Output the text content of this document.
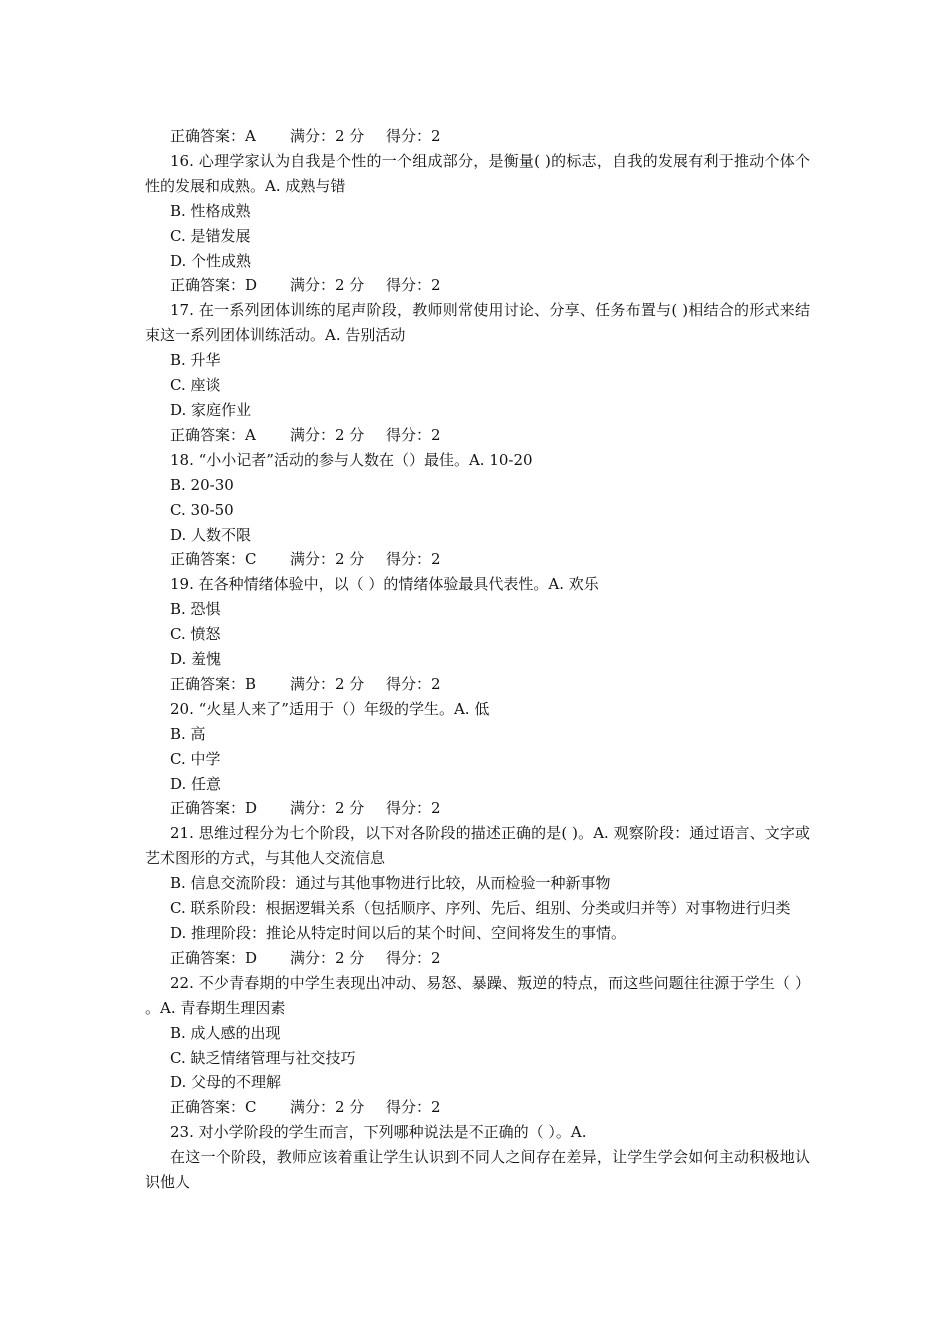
正确答案：A 满分：2 分 得分：2

16. 心理学家认为自我是个性的一个组成部分，是衡量( )的标志，自我的发展有利于推动个体个性的发展和成熟。A. 成熟与错

B. 性格成熟
C. 是错发展
D. 个性成熟
正确答案：D 满分：2 分 得分：2

17. 在一系列团体训练的尾声阶段，教师则常使用讨论、分享、任务布置与( )相结合的形式来结束这一系列团体训练活动。A. 告别活动

B. 升华
C. 座谈
D. 家庭作业
正确答案：A 满分：2 分 得分：2
18. “小小记者”活动的参与人数在（）最佳。A. 10-20
B. 20-30
C. 30-50
D. 人数不限
正确答案：C 满分：2 分 得分：2
19. 在各种情绪体验中，以（ ）的情绪体验最具代表性。A. 欢乐
B. 恐惧
C. 愤怒
D. 羞愧
正确答案：B 满分：2 分 得分：2
20. “火星人来了”适用于（）年级的学生。A. 低
B. 高
C. 中学
D. 任意
正确答案：D 满分：2 分 得分：2

21. 思维过程分为七个阶段，以下对各阶段的描述正确的是( )。A. 观察阶段：通过语言、文字或艺术图形的方式，与其他人交流信息

B. 信息交流阶段：通过与其他事物进行比较，从而检验一种新事物

C. 联系阶段：根据逻辑关系（包括顺序、序列、先后、组别、分类或归并等）对事物进行归类

D. 推理阶段：推论从特定时间以后的某个时间、空间将发生的事情。
正确答案：D 满分：2 分 得分：2

22. 不少青春期的中学生表现出冲动、易怒、暴躁、叛逆的特点，而这些问题往往源于学生（ ） 。A. 青春期生理因素

B. 成人感的出现
C. 缺乏情绪管理与社交技巧
D. 父母的不理解
正确答案：C 满分：2 分 得分：2
23. 对小学阶段的学生而言，下列哪种说法是不正确的（ ）。A.

在这一个阶段，教师应该着重让学生认识到不同人之间存在差异，让学生学会如何主动积极地认识他人
